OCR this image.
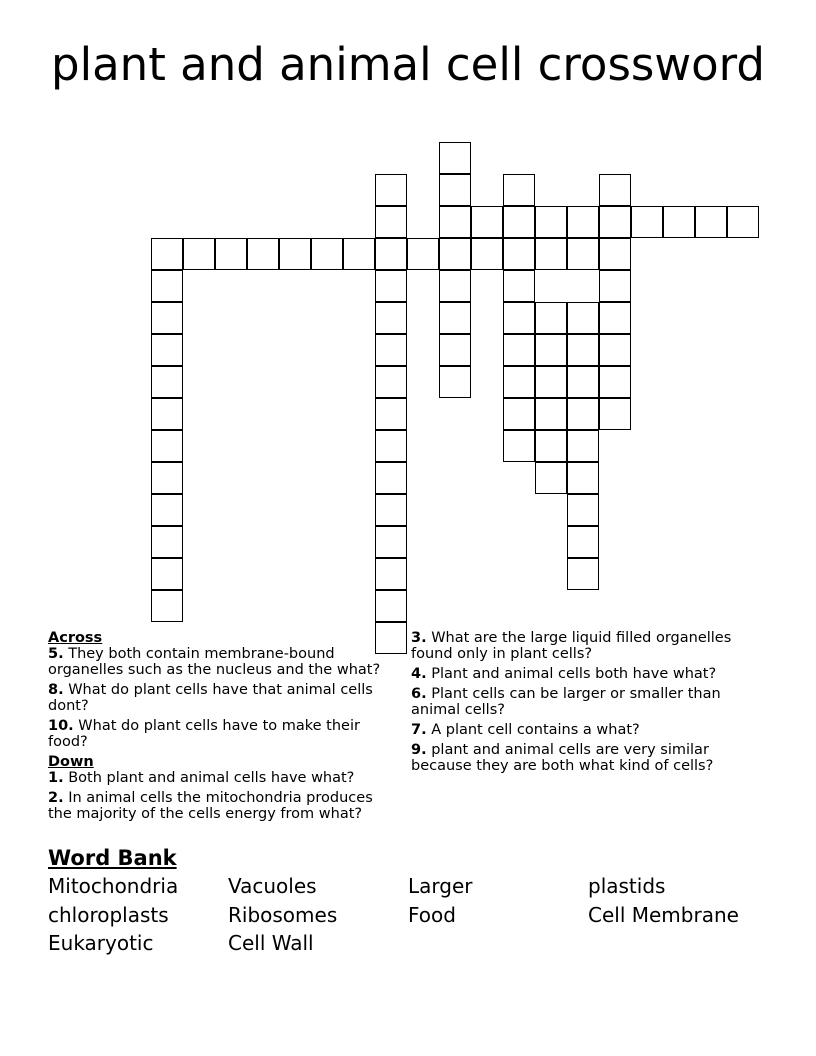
plant and animal cell crossword
Across
5. They both contain membrane-bound organelles such as the nucleus and the what?
8. What do plant cells have that animal cells dont?
10. What do plant cells have to make their food?
Down
1. Both plant and animal cells have what?
2. In animal cells the mitochondria produces the majority of the cells energy from what?
3. What are the large liquid filled organelles found only in plant cells?
4. Plant and animal cells both have what?
6. Plant cells can be larger or smaller than animal cells?
7. A plant cell contains a what?
9. plant and animal cells are very similar because they are both what kind of cells?
Word Bank
Mitochondria Vacuoles	Larger	plastids
chloroplasts	Ribosomes	Food	Cell Membrane
Eukaryotic	Cell Wall
